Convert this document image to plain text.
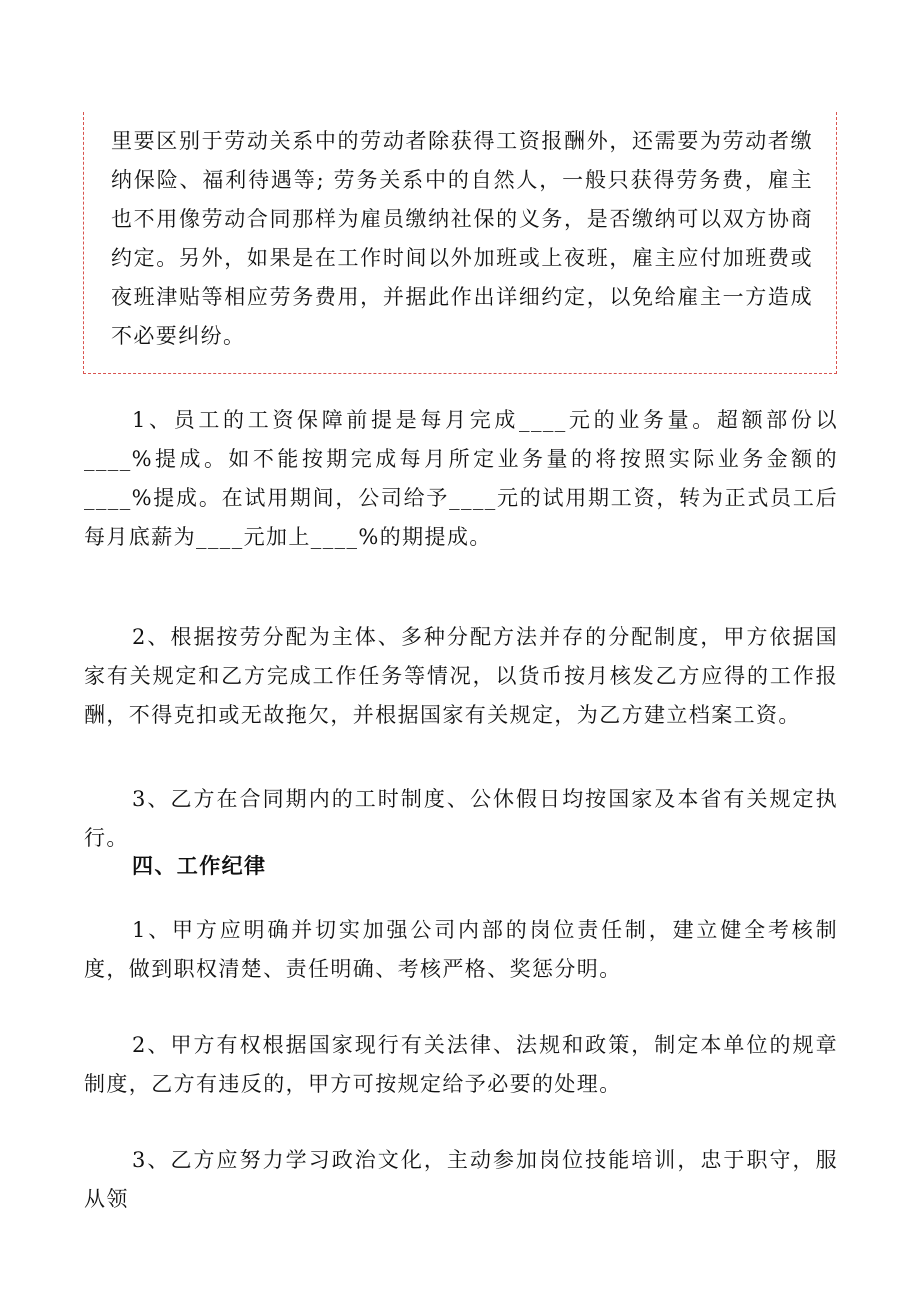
里要区别于劳动关系中的劳动者除获得工资报酬外，还需要为劳动者缴纳保险、福利待遇等; 劳务关系中的自然人，一般只获得劳务费，雇主也不用像劳动合同那样为雇员缴纳社保的义务，是否缴纳可以双方协商约定。另外，如果是在工作时间以外加班或上夜班，雇主应付加班费或夜班津贴等相应劳务费用，并据此作出详细约定，以免给雇主一方造成不必要纠纷。

1、员工的工资保障前提是每月完成____元的业务量。超额部份以____%提成。如不能按期完成每月所定业务量的将按照实际业务金额的____%提成。在试用期间，公司给予____元的试用期工资，转为正式员工后每月底薪为____元加上____%的期提成。

2、根据按劳分配为主体、多种分配方法并存的分配制度，甲方依据国家有关规定和乙方完成工作任务等情况，以货币按月核发乙方应得的工作报酬，不得克扣或无故拖欠，并根据国家有关规定，为乙方建立档案工资。

3、乙方在合同期内的工时制度、公休假日均按国家及本省有关规定执行。

四、工作纪律

1、甲方应明确并切实加强公司内部的岗位责任制，建立健全考核制度，做到职权清楚、责任明确、考核严格、奖惩分明。

2、甲方有权根据国家现行有关法律、法规和政策，制定本单位的规章制度，乙方有违反的，甲方可按规定给予必要的处理。

3、乙方应努力学习政治文化，主动参加岗位技能培训，忠于职守，服从领
